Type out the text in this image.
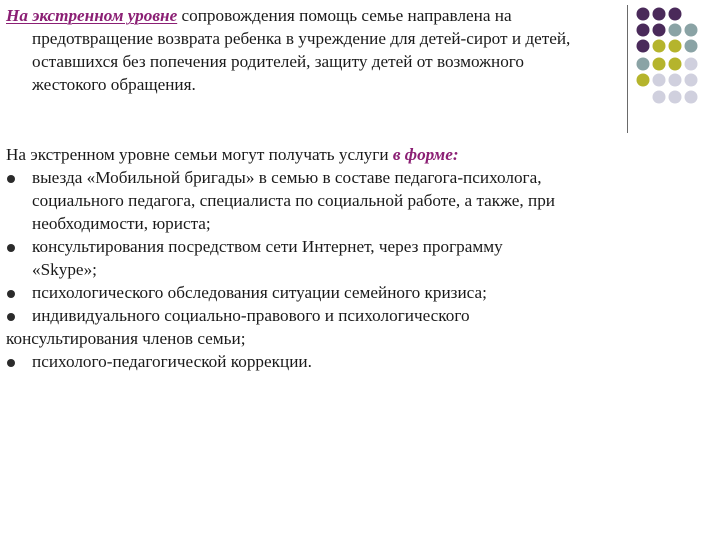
На экстренном уровне сопровождения помощь семье направлена на
предотвращение возврата ребенка в учреждение для детей-сирот и детей,
оставшихся без попечения родителей, защиту детей от возможного
жестокого обращения.
На экстренном уровне семьи могут получать услуги в форме:
выезда «Мобильной бригады» в семью в составе педагога-психолога,
социального педагога, специалиста по социальной работе, а также, при
необходимости, юриста;
консультирования посредством сети Интернет, через программу
«Skype»;
психологического обследования ситуации семейного кризиса;
индивидуального социально-правового и психологического
консультирования членов семьи;
психолого-педагогической коррекции.
